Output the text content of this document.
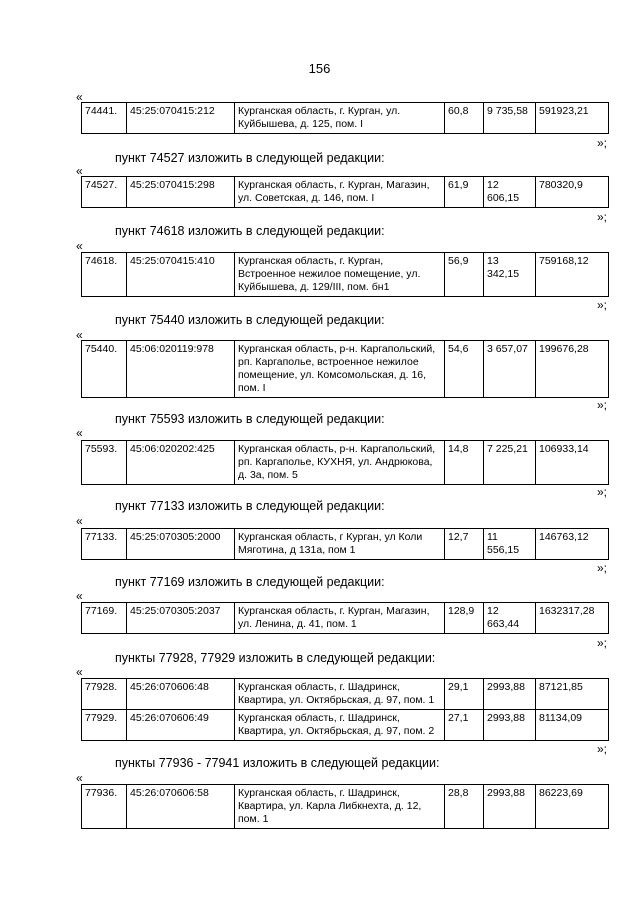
156
«
74441.	45:25:070415:212	Курганская область, г. Курган, ул. Куйбышева, д. 125, пом. I	60,8	9 735,58	591923,21
»;
пункт 74527 изложить в следующей редакции:
«
74527.	45:25:070415:298	Курганская область, г. Курган, Магазин, ул. Советская, д. 146, пом. I	61,9	12 606,15	780320,9
»;
пункт 74618 изложить в следующей редакции:
«
74618.	45:25:070415:410	Курганская область, г. Курган, Встроенное нежилое помещение, ул. Куйбышева, д. 129/III, пом. бн1	56,9	13 342,15	759168,12
»;
пункт 75440 изложить в следующей редакции:
«
75440.	45:06:020119:978	Курганская область, р-н. Каргапольский, рп. Каргаполье, встроенное нежилое помещение, ул. Комсомольская, д. 16, пом. I	54,6	3 657,07	199676,28
»;
пункт 75593 изложить в следующей редакции:
«
75593.	45:06:020202:425	Курганская область, р-н. Каргапольский, рп. Каргаполье, КУХНЯ, ул. Андрюкова, д. 3а, пом. 5	14,8	7 225,21	106933,14
»;
пункт 77133 изложить в следующей редакции:
«
77133.	45:25:070305:2000	Курганская область, г Курган, ул Коли Мяготина, д 131а, пом 1	12,7	11 556,15	146763,12
»;
пункт 77169 изложить в следующей редакции:
«
77169.	45:25:070305:2037	Курганская область, г. Курган, Магазин, ул. Ленина, д. 41, пом. 1	128,9	12 663,44	1632317,28
»;
пункты 77928, 77929 изложить в следующей редакции:
«
77928.	45:26:070606:48	Курганская область, г. Шадринск, Квартира, ул. Октябрьская, д. 97, пом. 1	29,1	2993,88	87121,85
77929.	45:26:070606:49	Курганская область, г. Шадринск, Квартира, ул. Октябрьская, д. 97, пом. 2	27,1	2993,88	81134,09
»;
пункты 77936 - 77941 изложить в следующей редакции:
«
77936.	45:26:070606:58	Курганская область, г. Шадринск, Квартира, ул. Карла Либкнехта, д. 12, пом. 1	28,8	2993,88	86223,69
